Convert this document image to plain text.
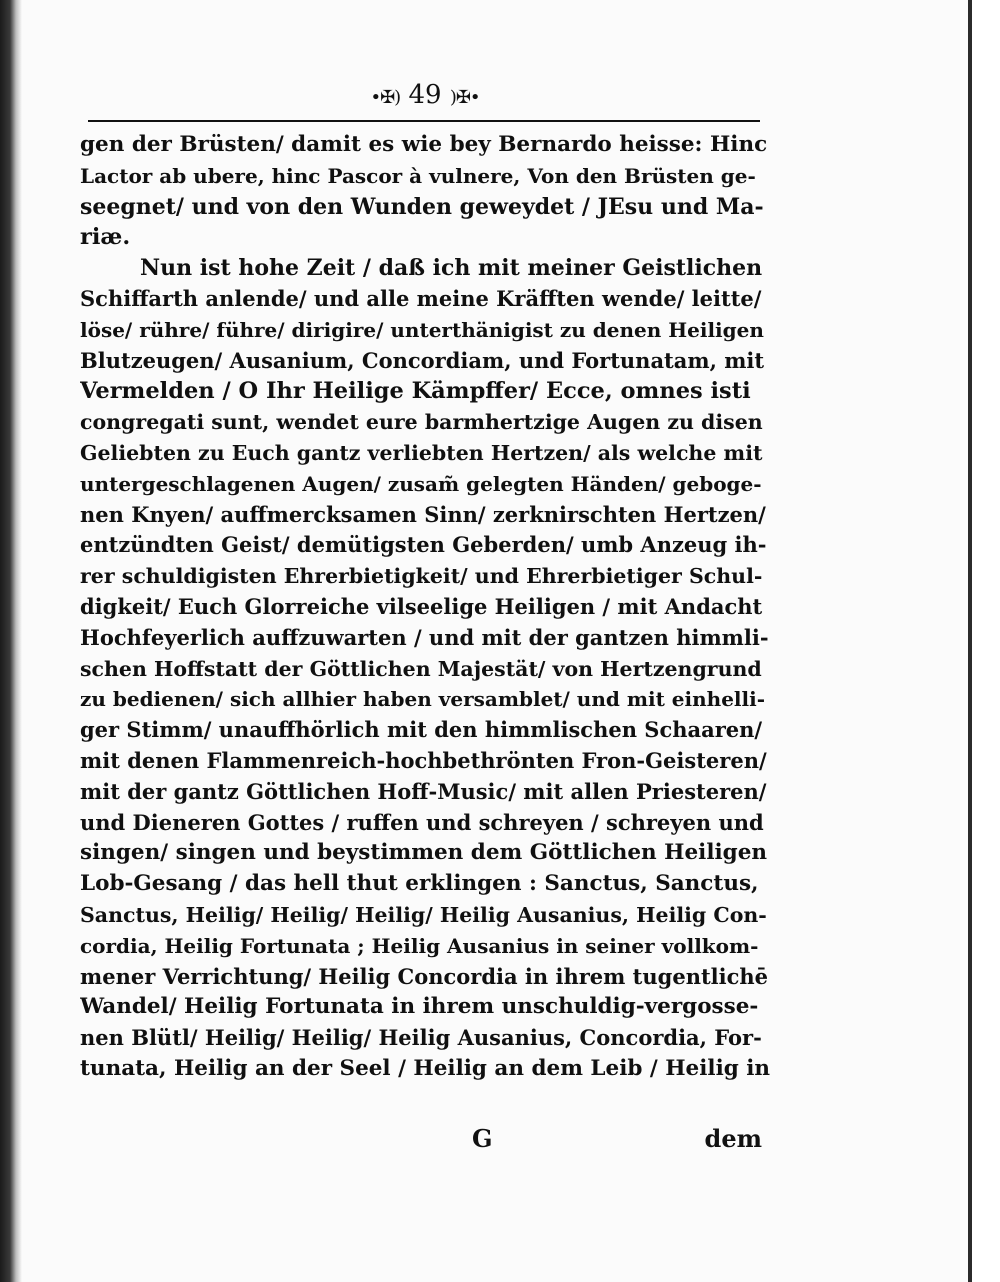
•✠) 49 )✠•
gen der Brüsten/ damit es wie bey Bernardo heisse: Hinc
Lactor ab ubere, hinc Pascor à vulnere, Von den Brüsten ge-
seegnet/ und von den Wunden geweydet / JEsu und Ma-
riæ.
Nun ist hohe Zeit / daß ich mit meiner Geistlichen
Schiffarth anlende/ und alle meine Kräfften wende/ leitte/
löse/ rühre/ führe/ dirigire/ unterthänigist zu denen Heiligen
Blutzeugen/ Ausanium, Concordiam, und Fortunatam, mit
Vermelden / O Ihr Heilige Kämpffer/ Ecce, omnes isti
congregati sunt, wendet eure barmhertzige Augen zu disen
Geliebten zu Euch gantz verliebten Hertzen/ als welche mit
untergeschlagenen Augen/ zusam̃ gelegten Händen/ geboge-
nen Knyen/ auffmercksamen Sinn/ zerknirschten Hertzen/
entzündten Geist/ demütigsten Geberden/ umb Anzeug ih-
rer schuldigisten Ehrerbietigkeit/ und Ehrerbietiger Schul-
digkeit/ Euch Glorreiche vilseelige Heiligen / mit Andacht
Hochfeyerlich auffzuwarten / und mit der gantzen himmli-
schen Hoffstatt der Göttlichen Majestät/ von Hertzengrund
zu bedienen/ sich allhier haben versamblet/ und mit einhelli-
ger Stimm/ unauffhörlich mit den himmlischen Schaaren/
mit denen Flammenreich-hochbethrönten Fron-Geisteren/
mit der gantz Göttlichen Hoff-Music/ mit allen Priesteren/
und Dieneren Gottes / ruffen und schreyen / schreyen und
singen/ singen und beystimmen dem Göttlichen Heiligen
Lob-Gesang / das hell thut erklingen : Sanctus, Sanctus,
Sanctus, Heilig/ Heilig/ Heilig/ Heilig Ausanius, Heilig Con-
cordia, Heilig Fortunata ; Heilig Ausanius in seiner vollkom-
mener Verrichtung/ Heilig Concordia in ihrem tugentlichē
Wandel/ Heilig Fortunata in ihrem unschuldig-vergosse-
nen Blütl/ Heilig/ Heilig/ Heilig Ausanius, Concordia, For-
tunata, Heilig an der Seel / Heilig an dem Leib / Heilig in
G	dem
